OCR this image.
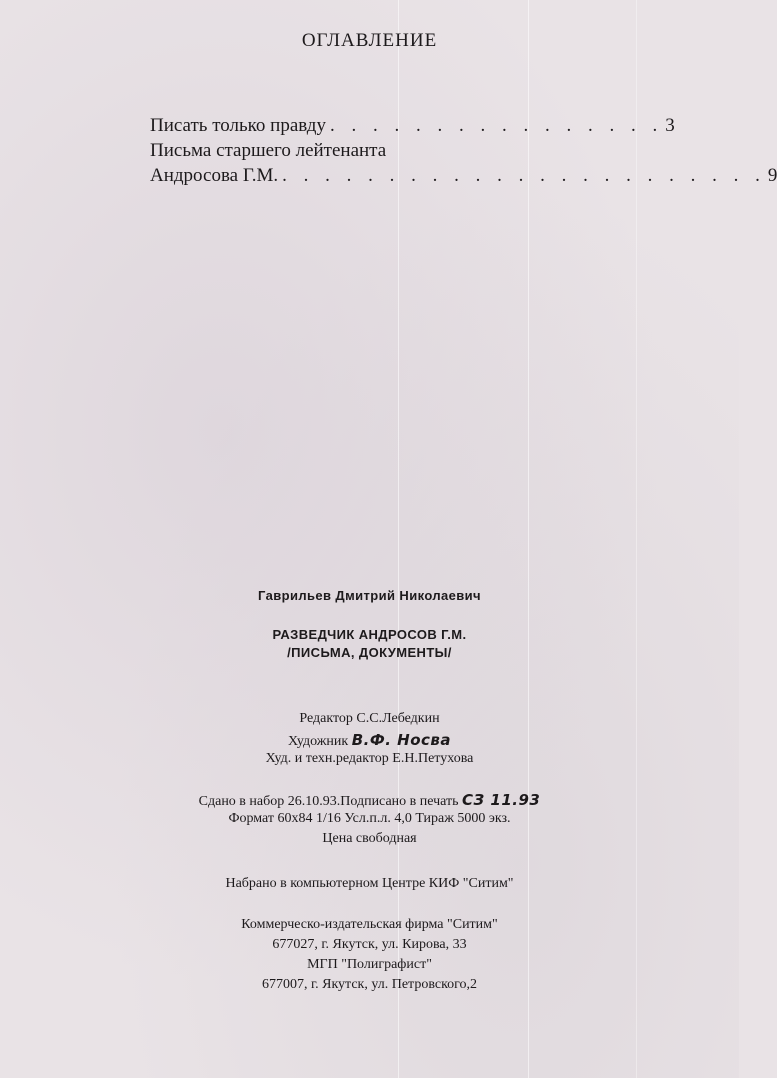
ОГЛАВЛЕНИЕ
Писать только правду . . . . . . . . . . . . . . . . 3
Письма старшего лейтенанта
Андросова Г.М. . . . . . . . . . . . . . . . . . . . . . . . 9
Гаврильев Дмитрий Николаевич
РАЗВЕДЧИК АНДРОСОВ Г.М.
/ПИСЬМА, ДОКУМЕНТЫ/
Редактор С.С.Лебедкин
Художник В.Ф. Носва
Худ. и техн.редактор Е.Н.Петухова
Сдано в набор 26.10.93.Подписано в печать СЗ 11.93
Формат 60x84 1/16 Усл.п.л. 4,0 Тираж 5000 экз.
Цена свободная
Набрано в компьютерном Центре КИФ "Ситим"
Коммерческо-издательская фирма "Ситим"
677027, г. Якутск, ул. Кирова, 33
МГП "Полиграфист"
677007, г. Якутск, ул. Петровского,2
